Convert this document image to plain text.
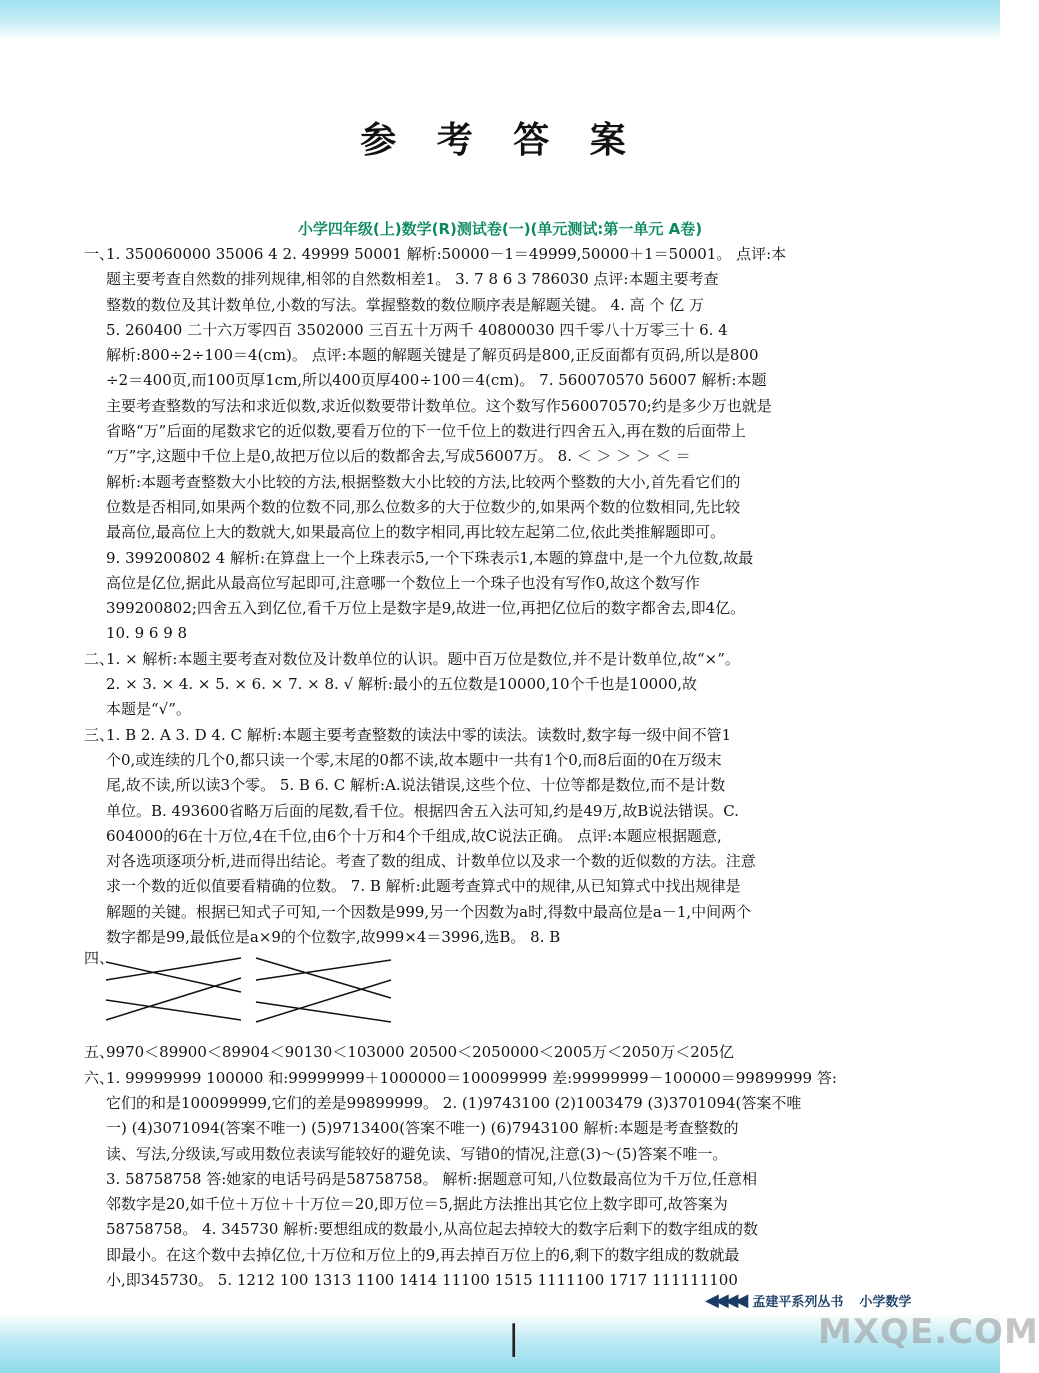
参 考 答 案
小学四年级(上)数学(R)测试卷(一)(单元测试:第一单元 A卷)
一、1. 350060000 35006 4 2. 49999 50001 解析:50000－1＝49999,50000＋1＝50001。 点评:本
题主要考查自然数的排列规律,相邻的自然数相差1。 3. 7 8 6 3 786030 点评:本题主要考查
整数的数位及其计数单位,小数的写法。掌握整数的数位顺序表是解题关键。 4. 高 个 亿 万
5. 260400 二十六万零四百 3502000 三百五十万两千 40800030 四千零八十万零三十 6. 4
解析:800÷2÷100＝4(cm)。 点评:本题的解题关键是了解页码是800,正反面都有页码,所以是800
÷2＝400页,而100页厚1cm,所以400页厚400÷100＝4(cm)。 7. 560070570 56007 解析:本题
主要考查整数的写法和求近似数,求近似数要带计数单位。这个数写作560070570;约是多少万也就是
省略“万”后面的尾数求它的近似数,要看万位的下一位千位上的数进行四舍五入,再在数的后面带上
“万”字,这题中千位上是0,故把万位以后的数都舍去,写成56007万。 8. ＜ ＞ ＞ ＞ ＜ ＝
解析:本题考查整数大小比较的方法,根据整数大小比较的方法,比较两个整数的大小,首先看它们的
位数是否相同,如果两个数的位数不同,那么位数多的大于位数少的,如果两个数的位数相同,先比较
最高位,最高位上大的数就大,如果最高位上的数字相同,再比较左起第二位,依此类推解题即可。
9. 399200802 4 解析:在算盘上一个上珠表示5,一个下珠表示1,本题的算盘中,是一个九位数,故最
高位是亿位,据此从最高位写起即可,注意哪一个数位上一个珠子也没有写作0,故这个数写作
399200802;四舍五入到亿位,看千万位上是数字是9,故进一位,再把亿位后的数字都舍去,即4亿。
10. 9 6 9 8
二、1. × 解析:本题主要考查对数位及计数单位的认识。题中百万位是数位,并不是计数单位,故“×”。
2. × 3. × 4. × 5. × 6. × 7. × 8. √ 解析:最小的五位数是10000,10个千也是10000,故
本题是“√”。
三、1. B 2. A 3. D 4. C 解析:本题主要考查整数的读法中零的读法。读数时,数字每一级中间不管1
个0,或连续的几个0,都只读一个零,末尾的0都不读,故本题中一共有1个0,而8后面的0在万级末
尾,故不读,所以读3个零。 5. B 6. C 解析:A.说法错误,这些个位、十位等都是数位,而不是计数
单位。B. 493600省略万后面的尾数,看千位。根据四舍五入法可知,约是49万,故B说法错误。C.
604000的6在十万位,4在千位,由6个十万和4个千组成,故C说法正确。 点评:本题应根据题意,
对各选项逐项分析,进而得出结论。考查了数的组成、计数单位以及求一个数的近似数的方法。注意
求一个数的近似值要看精确的位数。 7. B 解析:此题考查算式中的规律,从已知算式中找出规律是
解题的关键。根据已知式子可知,一个因数是999,另一个因数为a时,得数中最高位是a－1,中间两个
数字都是99,最低位是a×9的个位数字,故999×4＝3996,选B。 8. B
四、
五、9970＜89900＜89904＜90130＜103000 20500＜2050000＜2005万＜2050万＜205亿
六、1. 99999999 100000 和:99999999＋1000000＝100099999 差:99999999－100000＝99899999 答:
它们的和是100099999,它们的差是99899999。 2. (1)9743100 (2)1003479 (3)3701094(答案不唯
一) (4)3071094(答案不唯一) (5)9713400(答案不唯一) (6)7943100 解析:本题是考查整数的
读、写法,分级读,写或用数位表读写能较好的避免读、写错0的情况,注意(3)～(5)答案不唯一。
3. 58758758 答:她家的电话号码是58758758。 解析:据题意可知,八位数最高位为千万位,任意相
邻数字是20,如千位＋万位＋十万位＝20,即万位＝5,据此方法推出其它位上数字即可,故答案为
58758758。 4. 345730 解析:要想组成的数最小,从高位起去掉较大的数字后剩下的数字组成的数
即最小。在这个数中去掉亿位,十万位和万位上的9,再去掉百万位上的6,剩下的数字组成的数就最
小,即345730。 5. 1212 100 1313 1100 1414 11100 1515 1111100 1717 111111100
|
◀◀◀◀ 孟建平系列丛书 小学数学
MXQE.COM
